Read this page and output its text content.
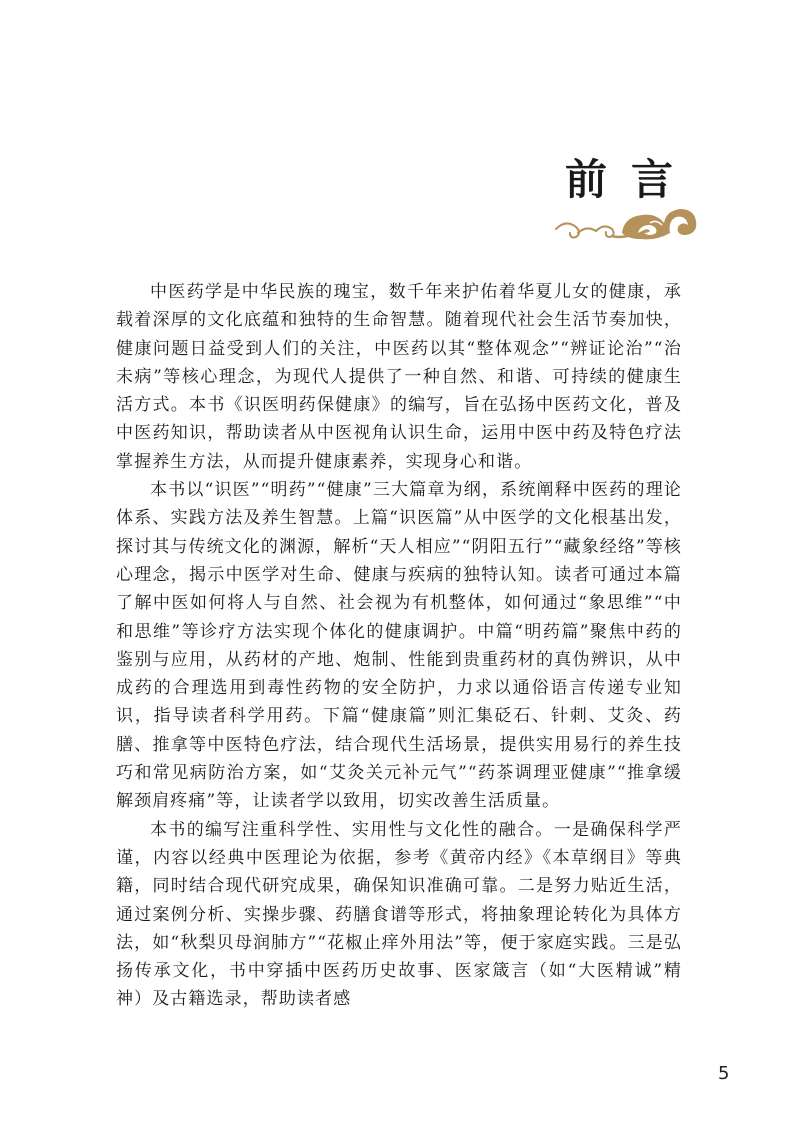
前言

中医药学是中华民族的瑰宝，数千年来护佑着华夏儿女的健康，承载着深厚的文化底蕴和独特的生命智慧。随着现代社会生活节奏加快，健康问题日益受到人们的关注，中医药以其“整体观念”“辨证论治”“治未病”等核心理念，为现代人提供了一种自然、和谐、可持续的健康生活方式。本书《识医明药保健康》的编写，旨在弘扬中医药文化，普及中医药知识，帮助读者从中医视角认识生命，运用中医中药及特色疗法掌握养生方法，从而提升健康素养，实现身心和谐。

本书以“识医”“明药”“健康”三大篇章为纲，系统阐释中医药的理论体系、实践方法及养生智慧。上篇“识医篇”从中医学的文化根基出发，探讨其与传统文化的渊源，解析“天人相应”“阴阳五行”“藏象经络”等核心理念，揭示中医学对生命、健康与疾病的独特认知。读者可通过本篇了解中医如何将人与自然、社会视为有机整体，如何通过“象思维”“中和思维”等诊疗方法实现个体化的健康调护。中篇“明药篇”聚焦中药的鉴别与应用，从药材的产地、炮制、性能到贵重药材的真伪辨识，从中成药的合理选用到毒性药物的安全防护，力求以通俗语言传递专业知识，指导读者科学用药。下篇“健康篇”则汇集砭石、针刺、艾灸、药膳、推拿等中医特色疗法，结合现代生活场景，提供实用易行的养生技巧和常见病防治方案，如“艾灸关元补元气”“药茶调理亚健康”“推拿缓解颈肩疼痛”等，让读者学以致用，切实改善生活质量。

本书的编写注重科学性、实用性与文化性的融合。一是确保科学严谨，内容以经典中医理论为依据，参考《黄帝内经》《本草纲目》等典籍，同时结合现代研究成果，确保知识准确可靠。二是努力贴近生活，通过案例分析、实操步骤、药膳食谱等形式，将抽象理论转化为具体方法，如“秋梨贝母润肺方”“花椒止痒外用法”等，便于家庭实践。三是弘扬传承文化，书中穿插中医药历史故事、医家箴言（如“大医精诚”精神）及古籍选录，帮助读者感

5
